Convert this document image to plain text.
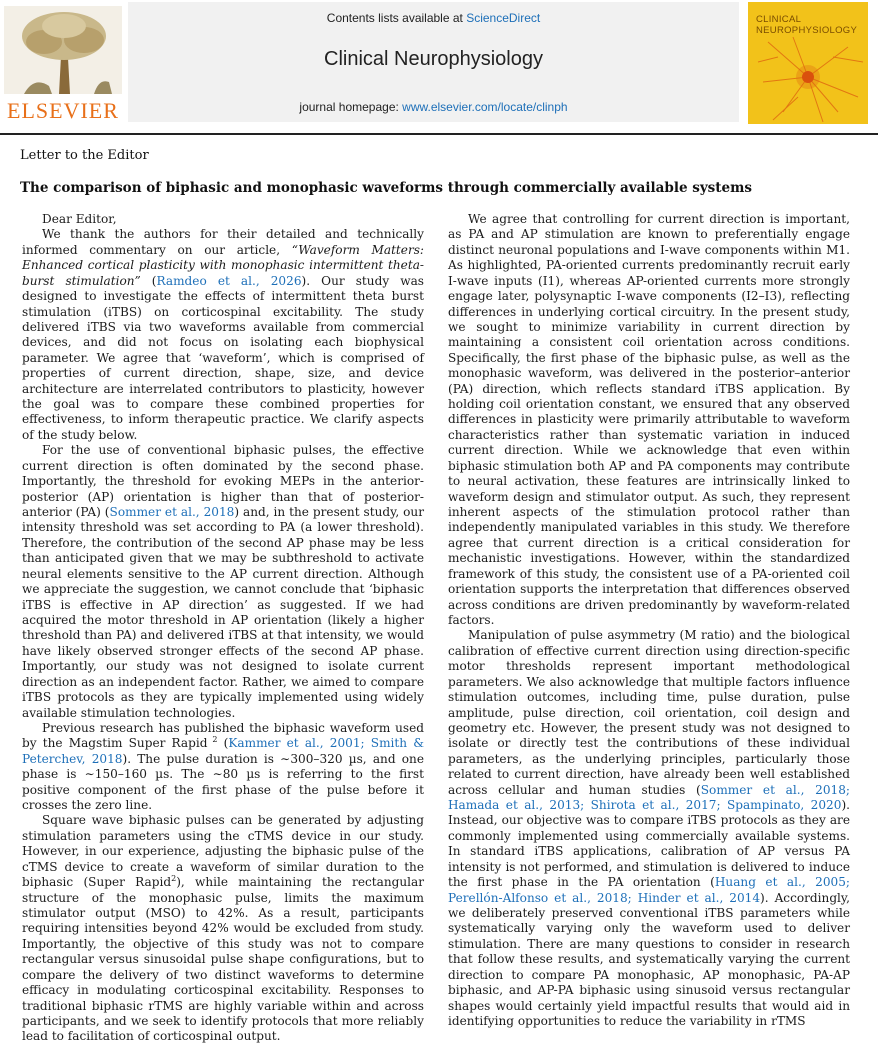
ELSEVIER
Contents lists available at ScienceDirect
Clinical Neurophysiology
journal homepage: www.elsevier.com/locate/clinph
CLINICAL NEUROPHYSIOLOGY
Letter to the Editor
The comparison of biphasic and monophasic waveforms through commercially available systems

Dear Editor,

We thank the authors for their detailed and technically informed commentary on our article, “Waveform Matters: Enhanced cortical plasticity with monophasic intermittent theta-burst stimulation” (Ramdeo et al., 2026). Our study was designed to investigate the effects of intermittent theta burst stimulation (iTBS) on corticospinal excitability. The study delivered iTBS via two waveforms available from commercial devices, and did not focus on isolating each biophysical parameter. We agree that ‘waveform’, which is comprised of properties of current direction, shape, size, and device architecture are interrelated contributors to plasticity, however the goal was to compare these combined properties for effectiveness, to inform therapeutic practice. We clarify aspects of the study below.

For the use of conventional biphasic pulses, the effective current direction is often dominated by the second phase. Importantly, the threshold for evoking MEPs in the anterior-posterior (AP) orientation is higher than that of posterior- anterior (PA) (Sommer et al., 2018) and, in the present study, our intensity threshold was set according to PA (a lower threshold). Therefore, the contribution of the second AP phase may be less than anticipated given that we may be subthreshold to activate neural elements sensitive to the AP current direction. Although we appreciate the suggestion, we cannot conclude that ‘biphasic iTBS is effective in AP direction’ as suggested. If we had acquired the motor threshold in AP orientation (likely a higher threshold than PA) and delivered iTBS at that intensity, we would have likely observed stronger effects of the second AP phase. Importantly, our study was not designed to isolate current direction as an independent factor. Rather, we aimed to compare iTBS protocols as they are typically implemented using widely available stimulation technologies.

Previous research has published the biphasic waveform used by the Magstim Super Rapid $^2$ (Kammer et al., 2001; Smith & Peterchev, 2018). The pulse duration is ∼300–320 µs, and one phase is ∼150–160 µs. The ∼80 µs is referring to the first positive component of the first phase of the pulse before it crosses the zero line.

Square wave biphasic pulses can be generated by adjusting stimulation parameters using the cTMS device in our study. However, in our experience, adjusting the biphasic pulse of the cTMS device to create a waveform of similar duration to the biphasic (Super Rapid$^2$), while maintaining the rectangular structure of the monophasic pulse, limits the maximum stimulator output (MSO) to 42%. As a result, participants requiring intensities beyond 42% would be excluded from study. Importantly, the objective of this study was not to compare rectangular versus sinusoidal pulse shape configurations, but to compare the delivery of two distinct waveforms to determine efficacy in modulating corticospinal excitability. Responses to traditional biphasic rTMS are highly variable within and across participants, and we seek to identify protocols that more reliably lead to facilitation of corticospinal output.

We agree that controlling for current direction is important, as PA and AP stimulation are known to preferentially engage distinct neuronal populations and I-wave components within M1. As highlighted, PA-oriented currents predominantly recruit early I-wave inputs (I1), whereas AP-oriented currents more strongly engage later, polysynaptic I-wave components (I2–I3), reflecting differences in underlying cortical circuitry. In the present study, we sought to minimize variability in current direction by maintaining a consistent coil orientation across conditions. Specifically, the first phase of the biphasic pulse, as well as the monophasic waveform, was delivered in the posterior–anterior (PA) direction, which reflects standard iTBS application. By holding coil orientation constant, we ensured that any observed differences in plasticity were primarily attributable to waveform characteristics rather than systematic variation in induced current direction. While we acknowledge that even within biphasic stimulation both AP and PA components may contribute to neural activation, these features are intrinsically linked to waveform design and stimulator output. As such, they represent inherent aspects of the stimulation protocol rather than independently manipulated variables in this study. We therefore agree that current direction is a critical consideration for mechanistic investigations. However, within the standardized framework of this study, the consistent use of a PA-oriented coil orientation supports the interpretation that differences observed across conditions are driven predominantly by waveform-related factors.

Manipulation of pulse asymmetry (M ratio) and the biological calibration of effective current direction using direction-specific motor thresholds represent important methodological parameters. We also acknowledge that multiple factors influence stimulation outcomes, including time, pulse duration, pulse amplitude, pulse direction, coil orientation, coil design and geometry etc. However, the present study was not designed to isolate or directly test the contributions of these individual parameters, as the underlying principles, particularly those related to current direction, have already been well established across cellular and human studies (Sommer et al., 2018; Hamada et al., 2013; Shirota et al., 2017; Spampinato, 2020). Instead, our objective was to compare iTBS protocols as they are commonly implemented using commercially available systems. In standard iTBS applications, calibration of AP versus PA intensity is not performed, and stimulation is delivered to induce the first phase in the PA orientation (Huang et al., 2005; Perellón-Alfonso et al., 2018; Hinder et al., 2014). Accordingly, we deliberately preserved conventional iTBS parameters while systematically varying only the waveform used to deliver stimulation. There are many questions to consider in research that follow these results, and systematically varying the current direction to compare PA monophasic, AP monophasic, PA-AP biphasic, and AP-PA biphasic using sinusoid versus rectangular shapes would certainly yield impactful results that would aid in identifying opportunities to reduce the variability in rTMS
